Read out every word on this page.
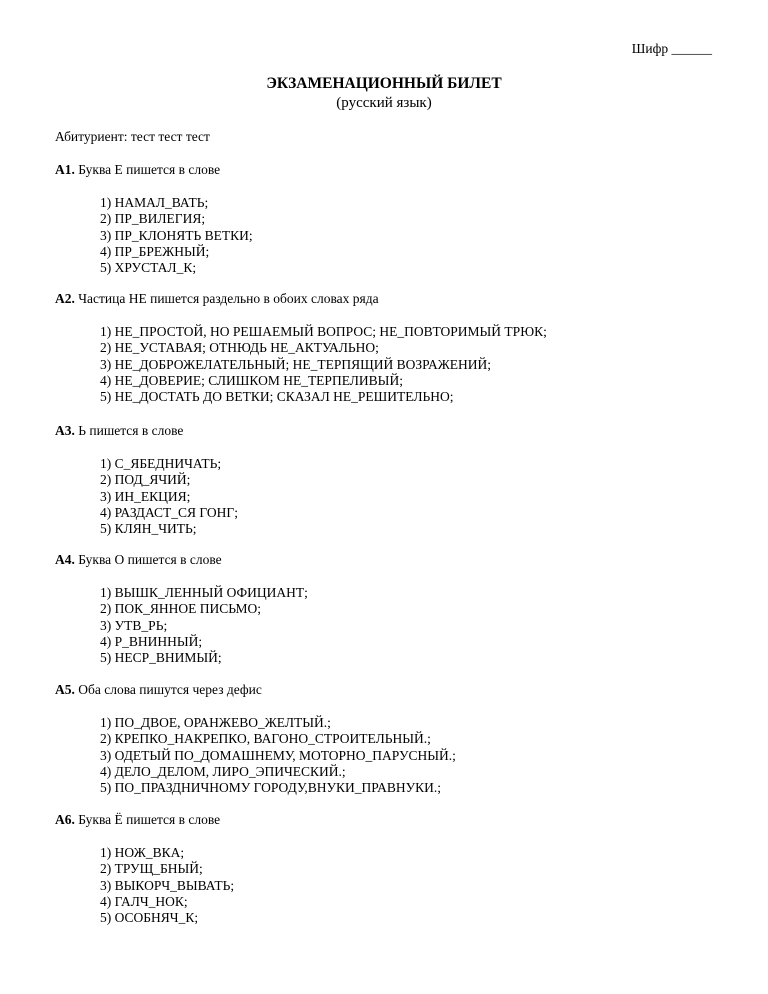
Шифр ______
ЭКЗАМЕНАЦИОННЫЙ БИЛЕТ
(русский язык)
Абитуриент: тест тест тест

А1. Буква Е пишется в слове

1) НАМАЛ_ВАТЬ;
2) ПР_ВИЛЕГИЯ;
3) ПР_КЛОНЯТЬ ВЕТКИ;
4) ПР_БРЕЖНЫЙ;
5) ХРУСТАЛ_К;

А2. Частица НЕ пишется раздельно в обоих словах ряда

1) НЕ_ПРОСТОЙ, НО РЕШАЕМЫЙ ВОПРОС; НЕ_ПОВТОРИМЫЙ ТРЮК;
2) НЕ_УСТАВАЯ; ОТНЮДЬ НЕ_АКТУАЛЬНО;
3) НЕ_ДОБРОЖЕЛАТЕЛЬНЫЙ; НЕ_ТЕРПЯЩИЙ ВОЗРАЖЕНИЙ;
4) НЕ_ДОВЕРИЕ; СЛИШКОМ НЕ_ТЕРПЕЛИВЫЙ;
5) НЕ_ДОСТАТЬ ДО ВЕТКИ; СКАЗАЛ НЕ_РЕШИТЕЛЬНО;

А3. Ь пишется в слове

1) С_ЯБЕДНИЧАТЬ;
2) ПОД_ЯЧИЙ;
3) ИН_ЕКЦИЯ;
4) РАЗДАСТ_СЯ ГОНГ;
5) КЛЯН_ЧИТЬ;

А4. Буква О пишется в слове

1) ВЫШК_ЛЕННЫЙ ОФИЦИАНТ;
2) ПОК_ЯННОЕ ПИСЬМО;
3) УТВ_РЬ;
4) Р_ВНИННЫЙ;
5) НЕСР_ВНИМЫЙ;

А5. Оба слова пишутся через дефис

1) ПО_ДВОЕ, ОРАНЖЕВО_ЖЕЛТЫЙ.;
2) КРЕПКО_НАКРЕПКО, ВАГОНО_СТРОИТЕЛЬНЫЙ.;
3) ОДЕТЫЙ ПО_ДОМАШНЕМУ, МОТОРНО_ПАРУСНЫЙ.;
4) ДЕЛО_ДЕЛОМ, ЛИРО_ЭПИЧЕСКИЙ.;
5) ПО_ПРАЗДНИЧНОМУ ГОРОДУ,ВНУКИ_ПРАВНУКИ.;

А6. Буква Ё пишется в слове

1) НОЖ_ВКА;
2) ТРУЩ_БНЫЙ;
3) ВЫКОРЧ_ВЫВАТЬ;
4) ГАЛЧ_НОК;
5) ОСОБНЯЧ_К;
